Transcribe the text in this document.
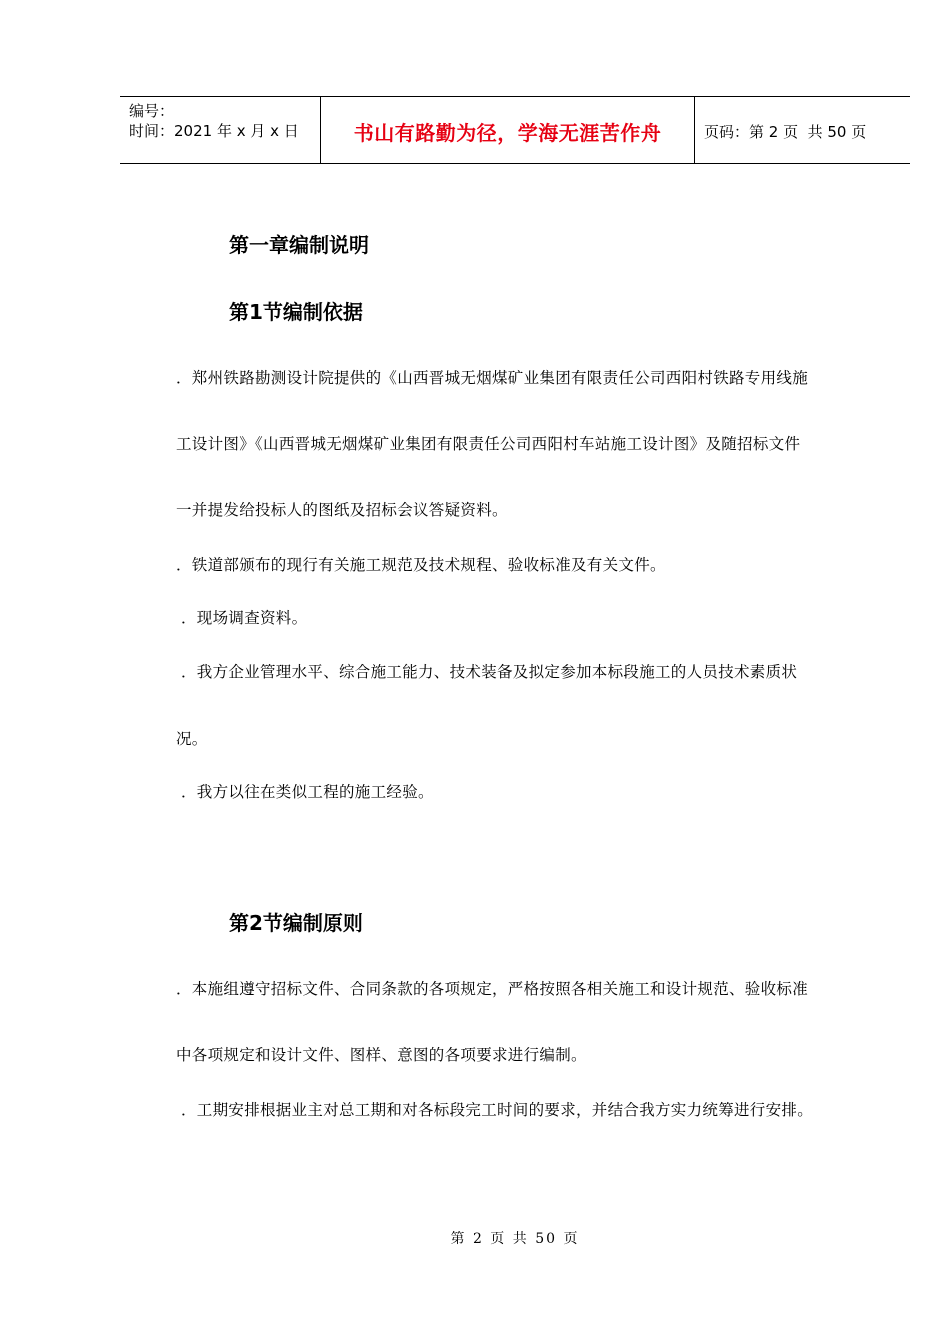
编号：
时间：2021 年 x 月 x 日	书山有路勤为径，学海无涯苦作舟	页码：第 2 页  共 50 页
第一章编制说明
第1节编制依据

．郑州铁路勘测设计院提供的《山西晋城无烟煤矿业集团有限责任公司西阳村铁路专用线施

工设计图》《山西晋城无烟煤矿业集团有限责任公司西阳村车站施工设计图》及随招标文件

一并提发给投标人的图纸及招标会议答疑资料。

．铁道部颁布的现行有关施工规范及技术规程、验收标准及有关文件。

．现场调查资料。

．我方企业管理水平、综合施工能力、技术装备及拟定参加本标段施工的人员技术素质状

况。

．我方以往在类似工程的施工经验。

第2节编制原则

．本施组遵守招标文件、合同条款的各项规定，严格按照各相关施工和设计规范、验收标准

中各项规定和设计文件、图样、意图的各项要求进行编制。

．工期安排根据业主对总工期和对各标段完工时间的要求，并结合我方实力统筹进行安排。

第 2 页 共 50 页
